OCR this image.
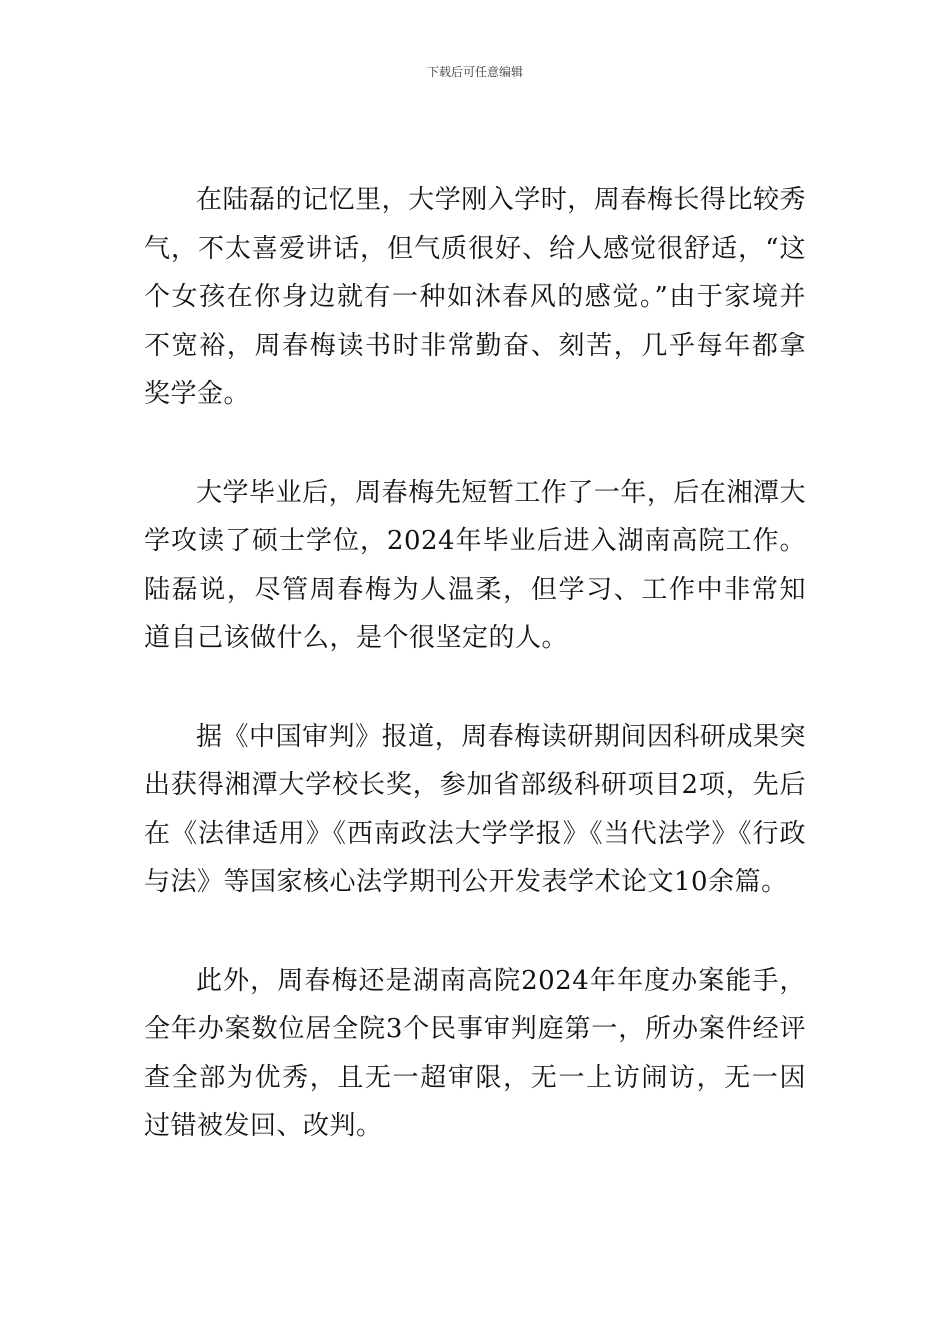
下载后可任意编辑

在陆磊的记忆里，大学刚入学时，周春梅长得比较秀气，不太喜爱讲话，但气质很好、给人感觉很舒适，“这个女孩在你身边就有一种如沐春风的感觉。”由于家境并不宽裕，周春梅读书时非常勤奋、刻苦，几乎每年都拿奖学金。

大学毕业后，周春梅先短暂工作了一年，后在湘潭大学攻读了硕士学位，2024年毕业后进入湖南高院工作。陆磊说，尽管周春梅为人温柔，但学习、工作中非常知道自己该做什么，是个很坚定的人。

据《中国审判》报道，周春梅读研期间因科研成果突出获得湘潭大学校长奖，参加省部级科研项目2项，先后在《法律适用》《西南政法大学学报》《当代法学》《行政与法》等国家核心法学期刊公开发表学术论文10余篇。

此外，周春梅还是湖南高院2024年年度办案能手，全年办案数位居全院3个民事审判庭第一，所办案件经评查全部为优秀，且无一超审限，无一上访闹访，无一因过错被发回、改判。
